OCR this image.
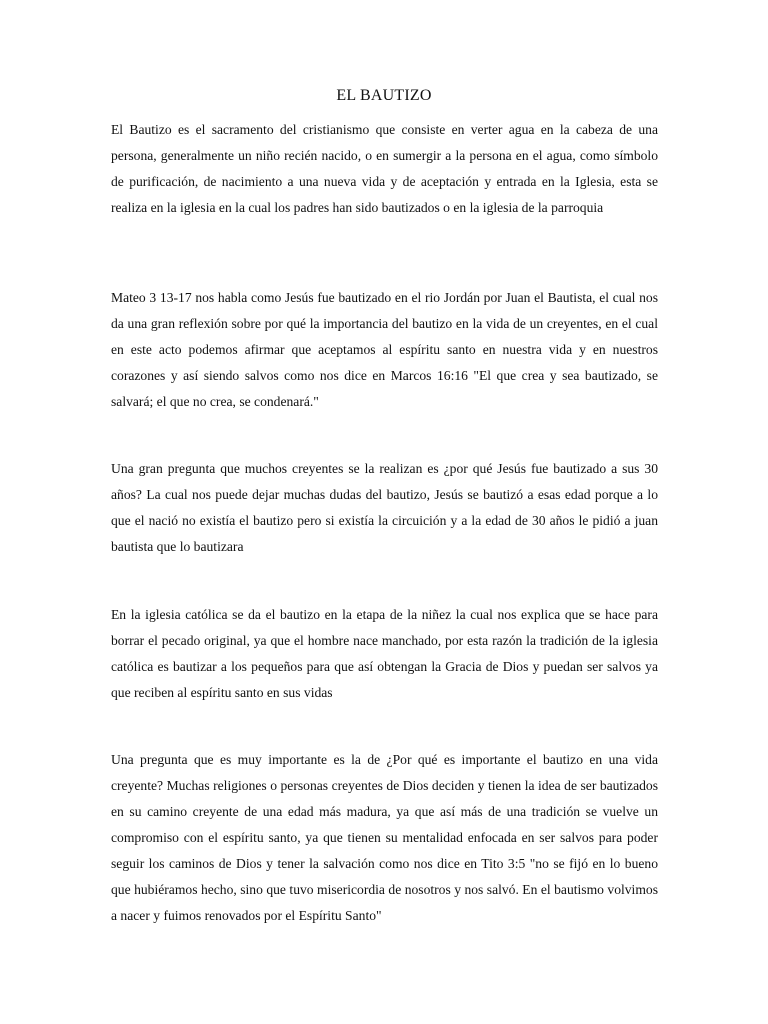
EL BAUTIZO

El Bautizo es el sacramento del cristianismo que consiste en verter agua en la cabeza de una persona, generalmente un niño recién nacido, o en sumergir a la persona en el agua, como símbolo de purificación, de nacimiento a una nueva vida y de aceptación y entrada en la Iglesia, esta se realiza en la iglesia en la cual los padres han sido bautizados o en la iglesia de la parroquia

Mateo 3 13-17 nos habla como Jesús fue bautizado en el rio Jordán por Juan el Bautista, el cual nos da una gran reflexión sobre por qué la importancia del bautizo en la vida de un creyentes, en el cual en este acto podemos afirmar que aceptamos al espíritu santo en nuestra vida y en nuestros corazones y así siendo salvos como nos dice en Marcos 16:16 "El que crea y sea bautizado, se salvará; el que no crea, se condenará."

Una gran pregunta que muchos creyentes se la realizan es ¿por qué Jesús fue bautizado a sus 30 años? La cual nos puede dejar muchas dudas del bautizo, Jesús se bautizó a esas edad porque a lo que el nació no existía el bautizo pero si existía la circuición y a la edad de 30 años le pidió a juan bautista que lo bautizara

En la iglesia católica se da el bautizo en la etapa de la niñez la cual nos explica que se hace para borrar el pecado original, ya que el hombre nace manchado, por esta razón la tradición de la iglesia católica es bautizar a los pequeños para que así obtengan la Gracia de Dios y puedan ser salvos ya que reciben al espíritu santo en sus vidas

Una pregunta que es muy importante es la de ¿Por qué es importante el bautizo en una vida creyente? Muchas religiones o personas creyentes de Dios deciden y tienen la idea de ser bautizados en su camino creyente de una edad más madura, ya que así más de una tradición se vuelve un compromiso con el espíritu santo, ya que tienen su mentalidad enfocada en ser salvos para poder seguir los caminos de Dios y tener la salvación como nos dice en Tito 3:5 "no se fijó en lo bueno que hubiéramos hecho, sino que tuvo misericordia de nosotros y nos salvó. En el bautismo volvimos a nacer y fuimos renovados por el Espíritu Santo"
